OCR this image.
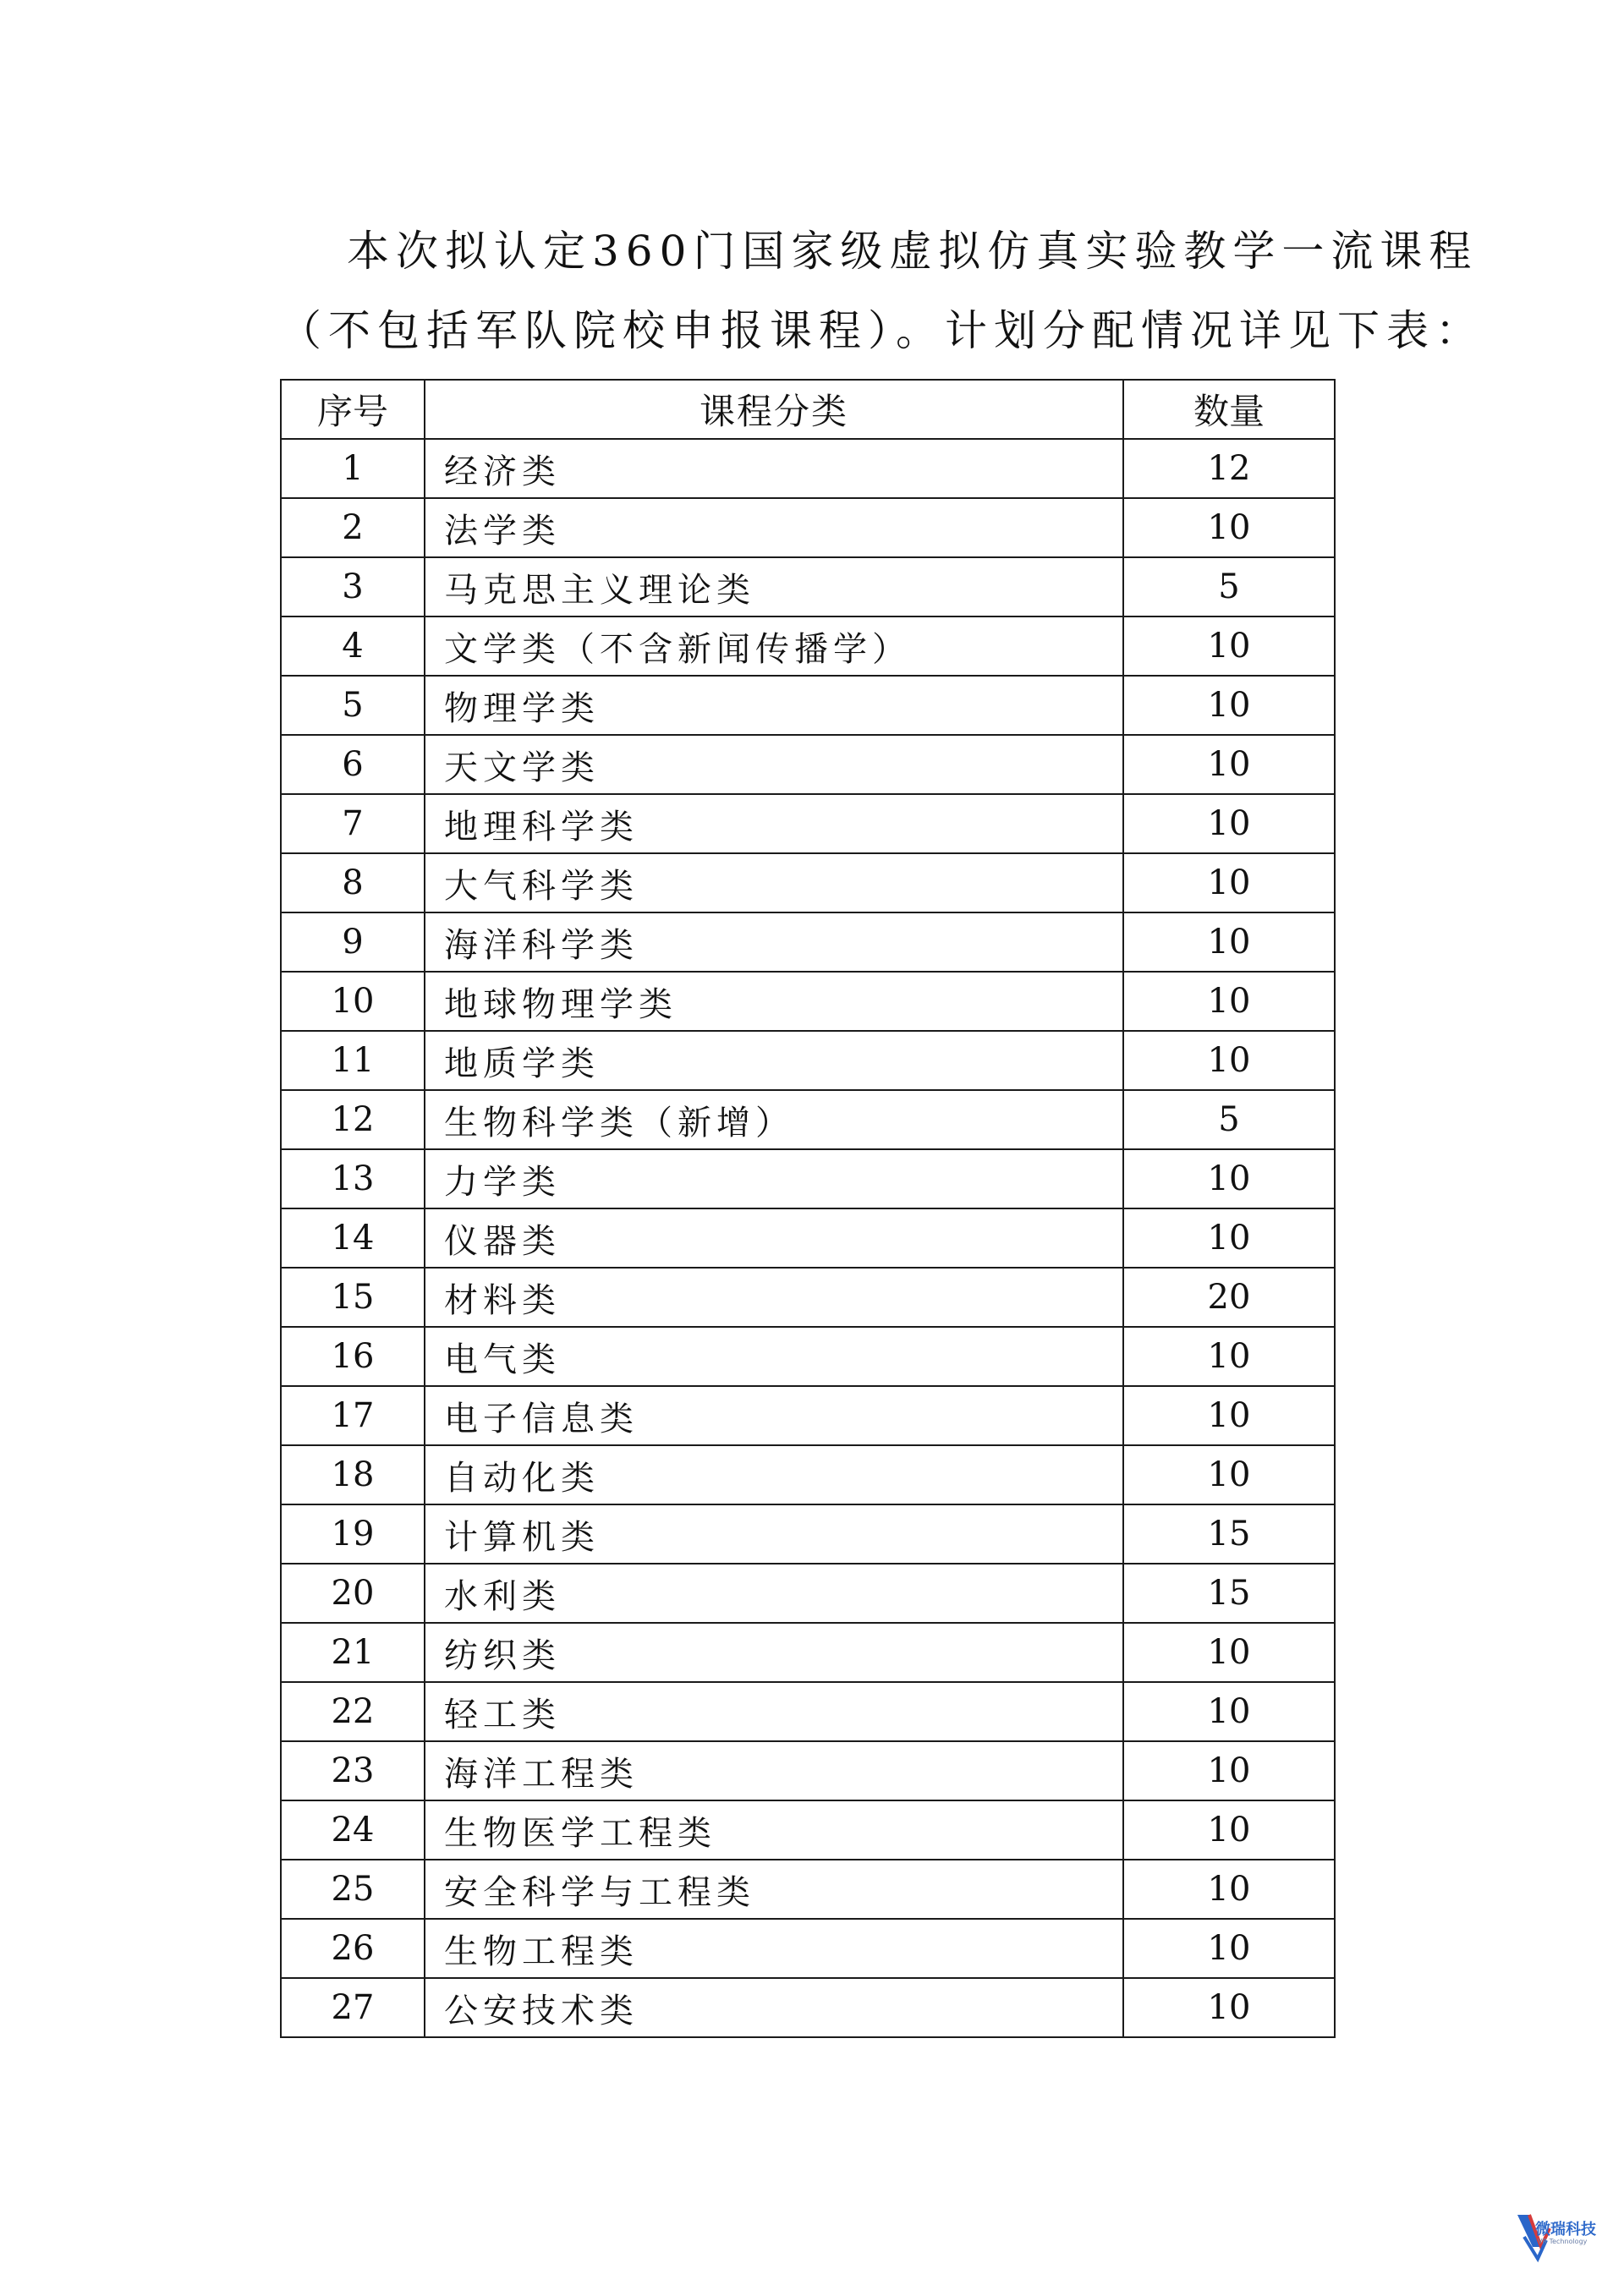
本次拟认定360门国家级虚拟仿真实验教学一流课程
（不包括军队院校申报课程）。计划分配情况详见下表：

序号	课程分类	数量
1	经济类	12
2	法学类	10
3	马克思主义理论类	5
4	文学类（不含新闻传播学）	10
5	物理学类	10
6	天文学类	10
7	地理科学类	10
8	大气科学类	10
9	海洋科学类	10
10	地球物理学类	10
11	地质学类	10
12	生物科学类（新增）	5
13	力学类	10
14	仪器类	10
15	材料类	20
16	电气类	10
17	电子信息类	10
18	自动化类	10
19	计算机类	15
20	水利类	15
21	纺织类	10
22	轻工类	10
23	海洋工程类	10
24	生物医学工程类	10
25	安全科学与工程类	10
26	生物工程类	10
27	公安技术类	10
微瑞科技
VR Technology
